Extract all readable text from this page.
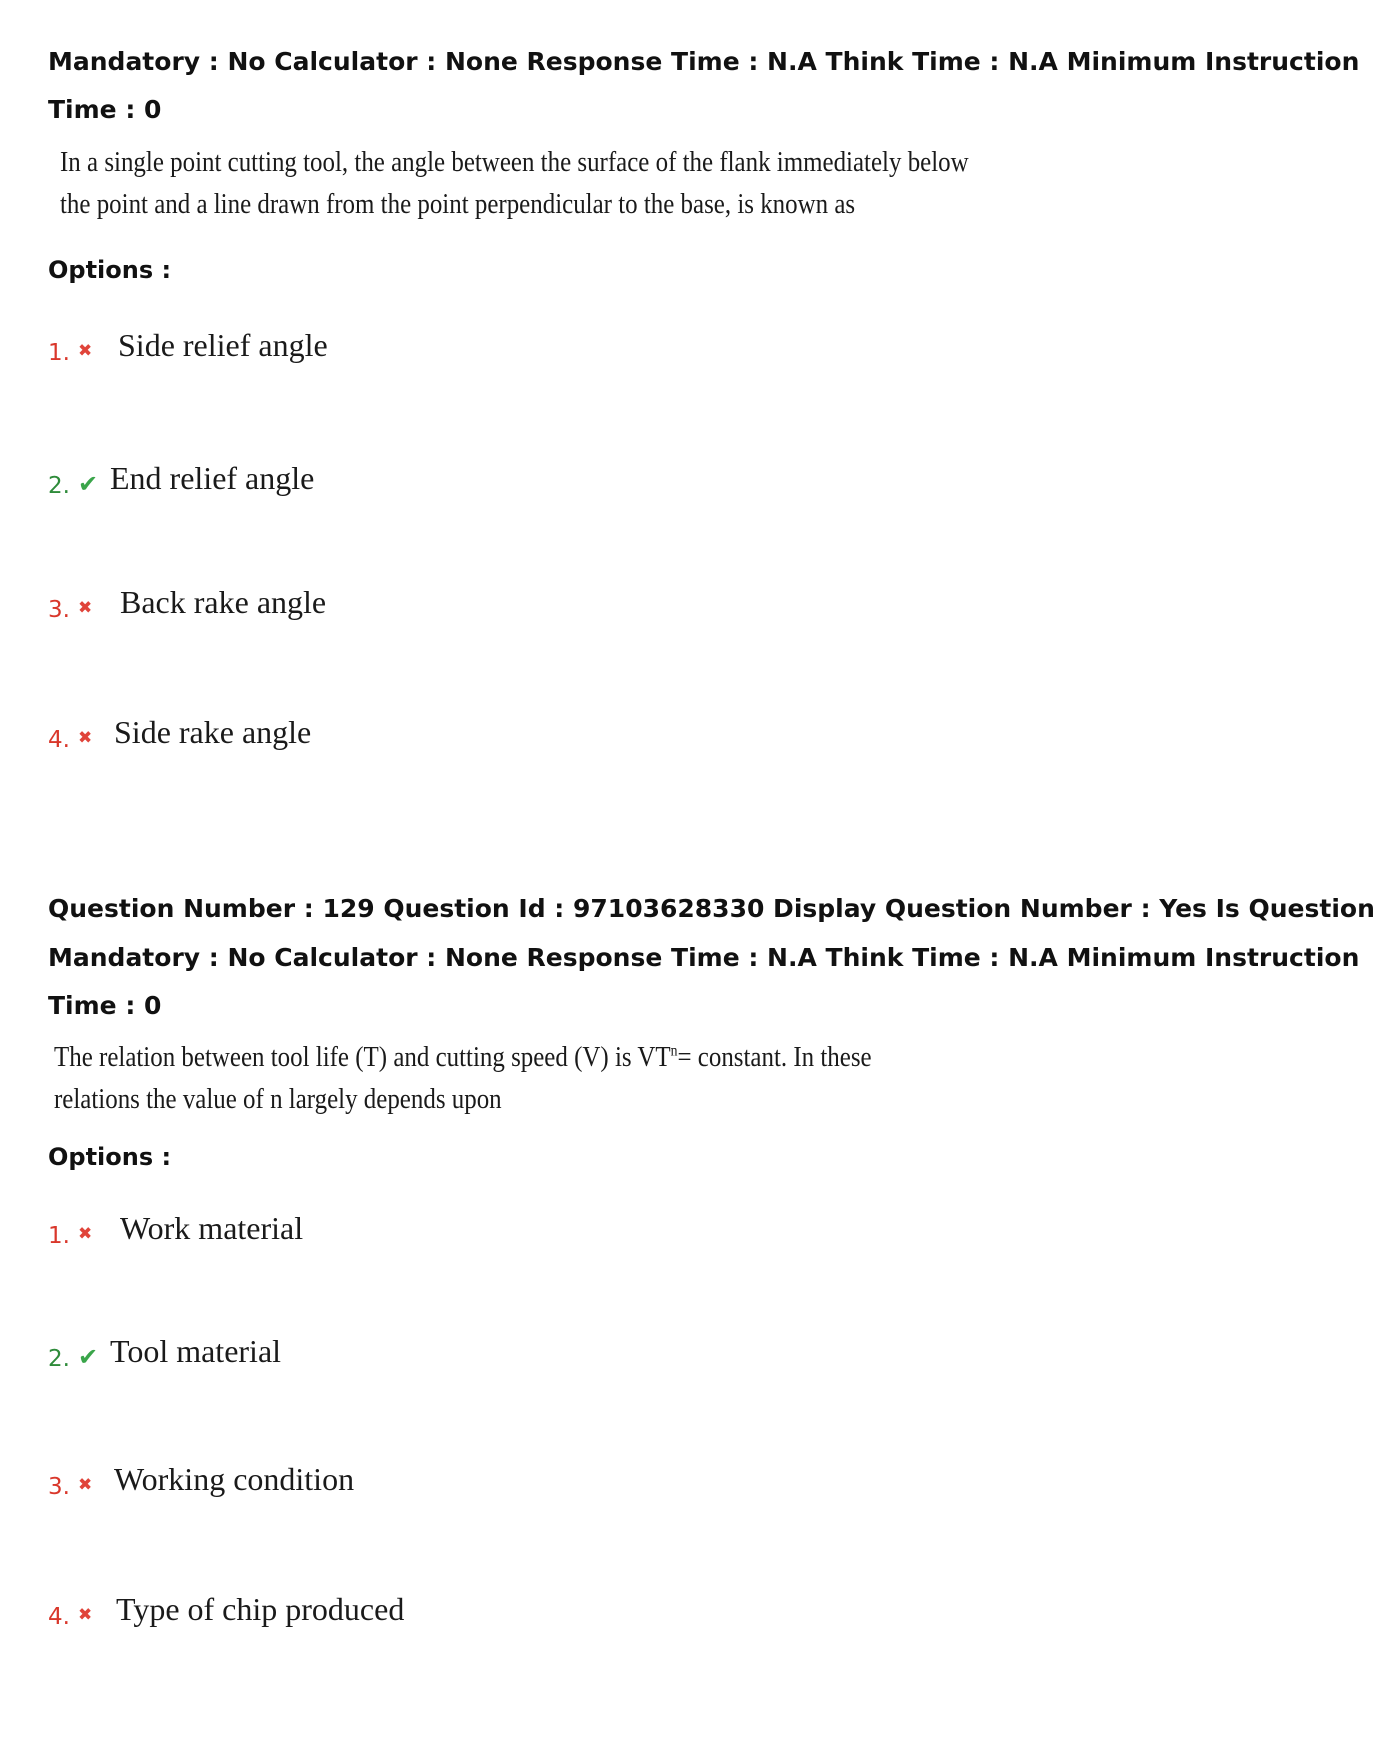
Mandatory : No Calculator : None Response Time : N.A Think Time : N.A Minimum Instruction
Time : 0
In a single point cutting tool, the angle between the surface of the flank immediately below
the point and a line drawn from the point perpendicular to the base, is known as
Options :
1. ✖ Side relief angle
2. ✔ End relief angle
3. ✖ Back rake angle
4. ✖ Side rake angle
Question Number : 129 Question Id : 97103628330 Display Question Number : Yes Is Question
Mandatory : No Calculator : None Response Time : N.A Think Time : N.A Minimum Instruction
Time : 0
The relation between tool life (T) and cutting speed (V) is $VT^n=$ constant. In these
relations the value of n largely depends upon
Options :
1. ✖ Work material
2. ✔ Tool material
3. ✖ Working condition
4. ✖ Type of chip produced
